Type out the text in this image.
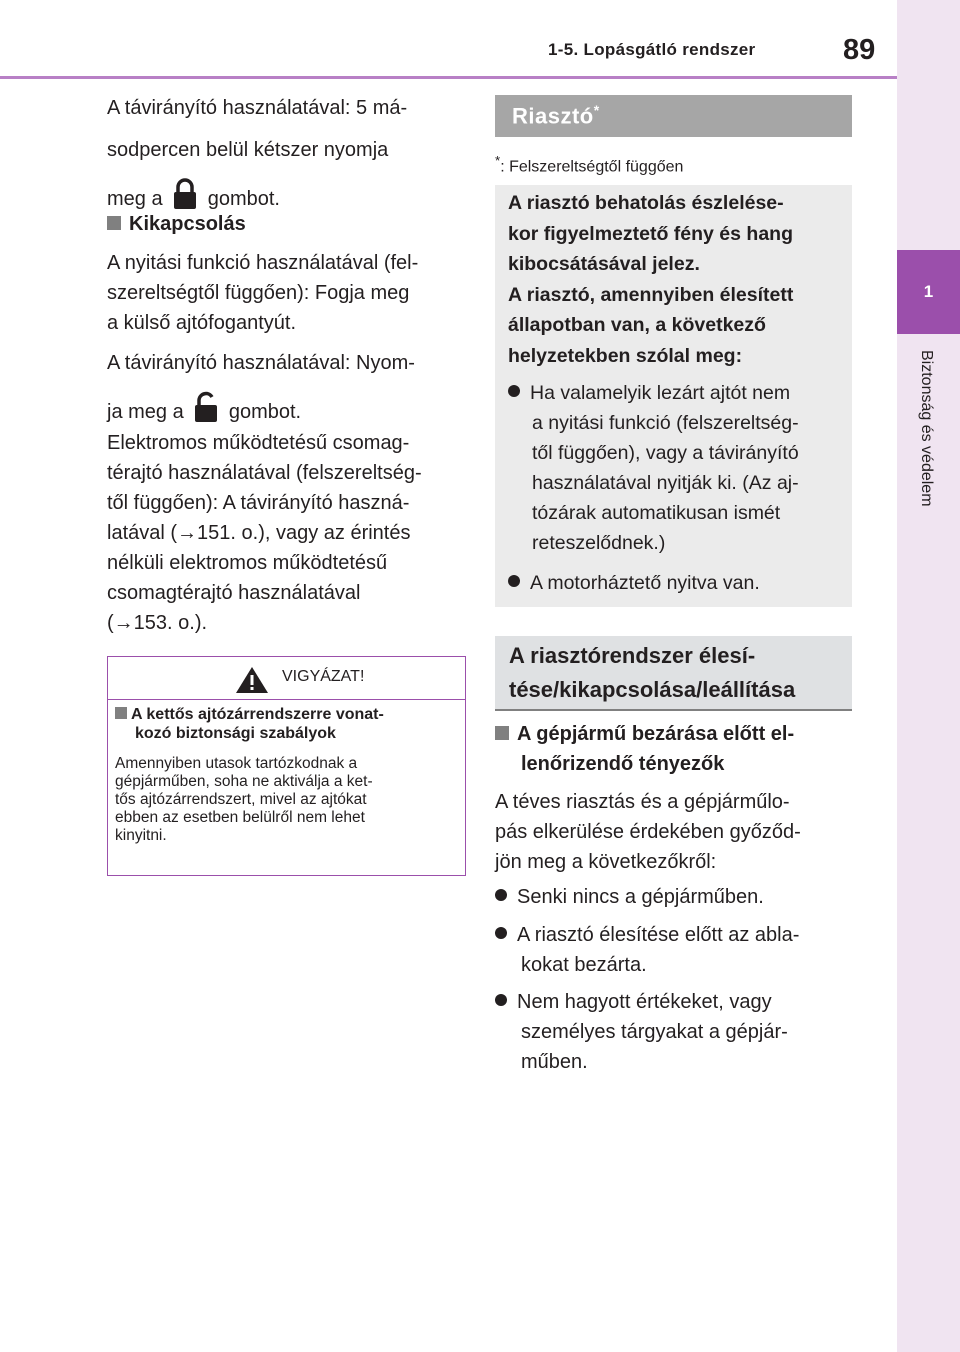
1-5. Lopásgátló rendszer	89
1
Biztonság és védelem
A távirányító használatával: 5 má-
sodpercen belül kétszer nyomja
meg a gombot.
Kikapcsolás
A nyitási funkció használatával (fel-
szereltségtől függően): Fogja meg
a külső ajtófogantyút.
A távirányító használatával: Nyom-
ja meg a gombot.
Elektromos működtetésű csomag-
térajtó használatával (felszereltség-
től függően): A távirányító haszná-
latával (→151. o.), vagy az érintés
nélküli elektromos működtetésű
csomagtérajtó használatával
(→153. o.).
VIGYÁZAT!
A kettős ajtózárrendszerre vonat-
kozó biztonsági szabályok
Amennyiben utasok tartózkodnak a
gépjárműben, soha ne aktiválja a ket-
tős ajtózárrendszert, mivel az ajtókat
ebben az esetben belülről nem lehet
kinyitni.
Riasztó*
*: Felszereltségtől függően
A riasztó behatolás észlelése-
kor figyelmeztető fény és hang
kibocsátásával jelez.
A riasztó, amennyiben élesített
állapotban van, a következő
helyzetekben szólal meg:
Ha valamelyik lezárt ajtót nem
a nyitási funkció (felszereltség-
től függően), vagy a távirányító
használatával nyitják ki. (Az aj-
tózárak automatikusan ismét
reteszelődnek.)
A motorháztető nyitva van.
A riasztórendszer élesí-
tése/kikapcsolása/leállítása
A gépjármű bezárása előtt el-
lenőrizendő tényezők
A téves riasztás és a gépjárműlo-
pás elkerülése érdekében győződ-
jön meg a következőkről:
Senki nincs a gépjárműben.
A riasztó élesítése előtt az abla-
kokat bezárta.
Nem hagyott értékeket, vagy
személyes tárgyakat a gépjár-
műben.
